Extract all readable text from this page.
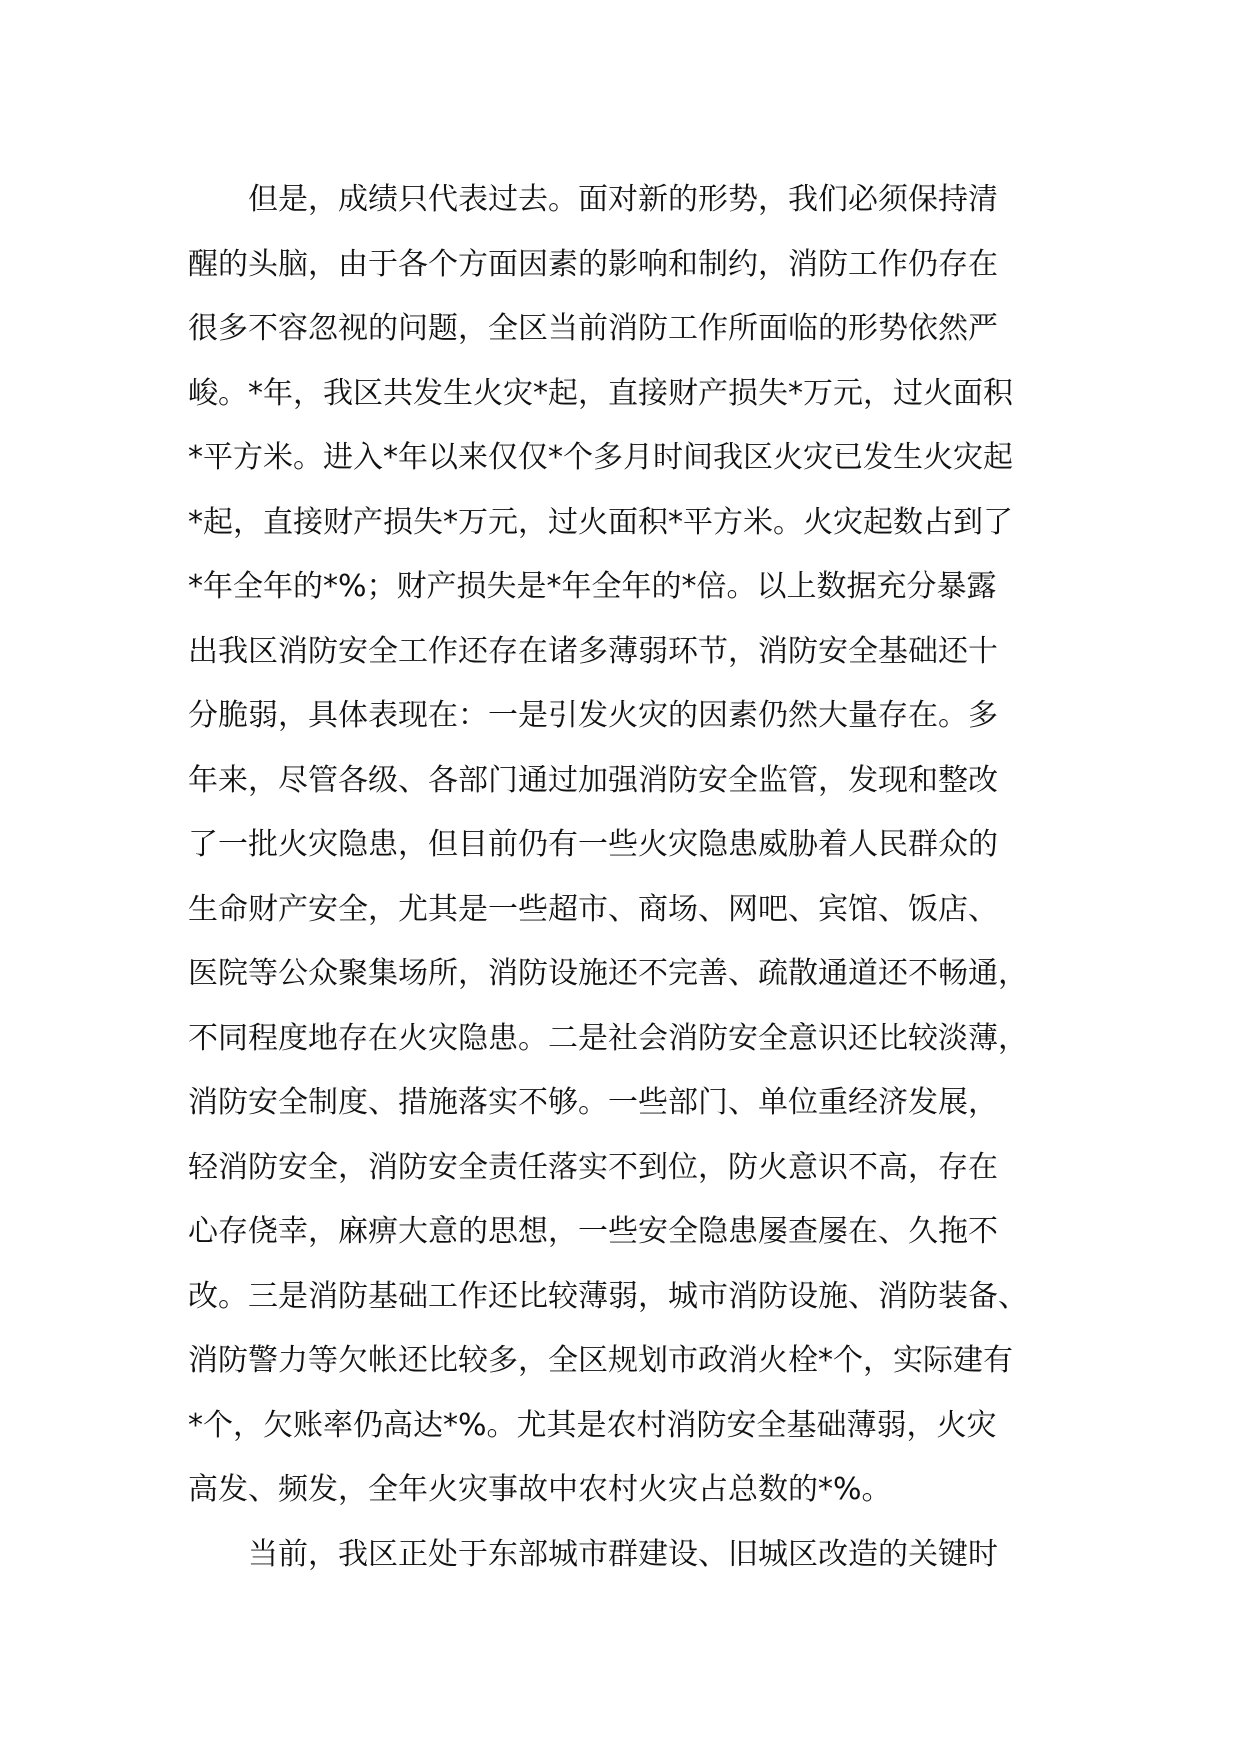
但是，成绩只代表过去。面对新的形势，我们必须保持清
醒的头脑，由于各个方面因素的影响和制约，消防工作仍存在
很多不容忽视的问题，全区当前消防工作所面临的形势依然严
峻。*年，我区共发生火灾*起，直接财产损失*万元，过火面积
*平方米。进入*年以来仅仅*个多月时间我区火灾已发生火灾起
*起，直接财产损失*万元，过火面积*平方米。火灾起数占到了
*年全年的*%；财产损失是*年全年的*倍。以上数据充分暴露
出我区消防安全工作还存在诸多薄弱环节，消防安全基础还十
分脆弱，具体表现在：一是引发火灾的因素仍然大量存在。多
年来，尽管各级、各部门通过加强消防安全监管，发现和整改
了一批火灾隐患，但目前仍有一些火灾隐患威胁着人民群众的
生命财产安全，尤其是一些超市、商场、网吧、宾馆、饭店、
医院等公众聚集场所，消防设施还不完善、疏散通道还不畅通，
不同程度地存在火灾隐患。二是社会消防安全意识还比较淡薄，
消防安全制度、措施落实不够。一些部门、单位重经济发展，
轻消防安全，消防安全责任落实不到位，防火意识不高，存在
心存侥幸，麻痹大意的思想，一些安全隐患屡查屡在、久拖不
改。三是消防基础工作还比较薄弱，城市消防设施、消防装备、
消防警力等欠帐还比较多，全区规划市政消火栓*个，实际建有
*个，欠账率仍高达*%。尤其是农村消防安全基础薄弱，火灾
高发、频发，全年火灾事故中农村火灾占总数的*%。
当前，我区正处于东部城市群建设、旧城区改造的关键时
